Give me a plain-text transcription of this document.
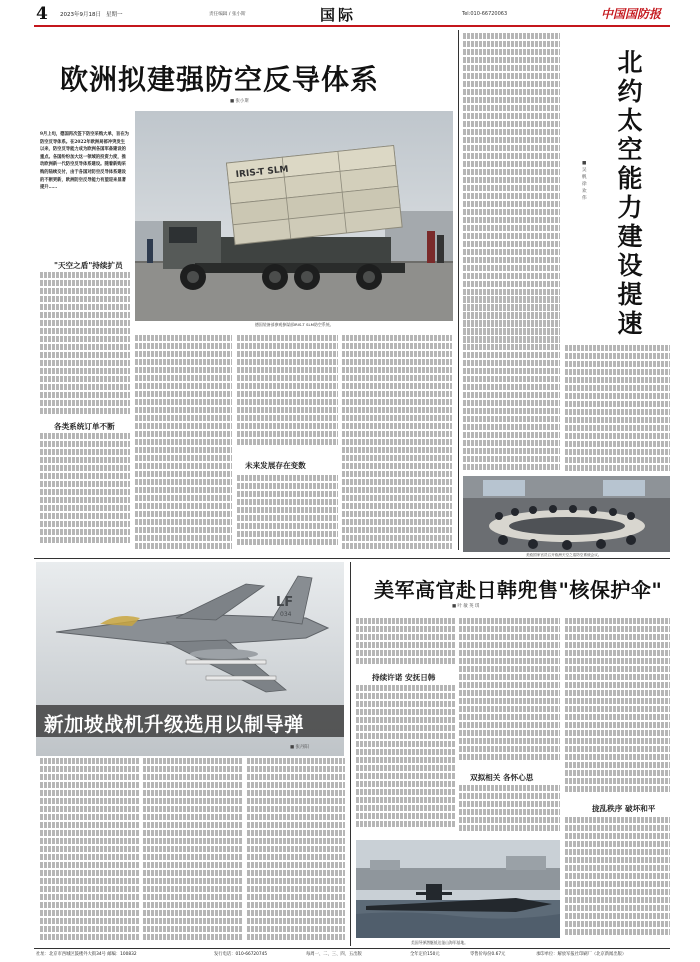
4 2023年9月18日 星期一	责任编辑 / 张小斯	国际	Tel:010-66720063	中国国防报
欧洲拟建强防空反导体系
■ 张小斯
9月上旬，德国再次签下防空采购大单，旨在为防空反导体系。在2022年欧洲局部冲突发生以来，防空反导能力成为欧洲各国军备建设的重点。各国纷纷加大这一领域的投资力度，推动欧洲新一代防空反导体系建设。随着新购采购的陆续交付，由于各国对防空反导体系建设的不断更新，欧洲防空反导能力有望迎来显著提升……
IRIS-T SLM
德国装备部参观参谋部IRIS-T SLM防空系统。
"天空之盾"持续扩员
各类系统订单不断
未来发展存在变数
北约太空能力建设提速
■ 吴 帆 徐 欢 伟
美欧国家官员召开欧洲天空之盾防空系统会议。
LF
034
新加坡战机升级选用以制导弹
■ 张丹阳
美军高官赴日韩兜售"核保护伞"
■ 叶 敏 英 琪
持续许诺 安抚日韩
双拟相关 各怀心思
拢乱秩序 破坏和平
美国导弹潜艇抵达釜山海军基地。
社址：北京市西城区鼓楼外大街34号 邮编：100832	发行电话：010-66720745	每周一、二、三、四、五出版	全年定价150元	零售价每份0.67元	承印单位：解放军报社印刷厂（北京新闻出版）
